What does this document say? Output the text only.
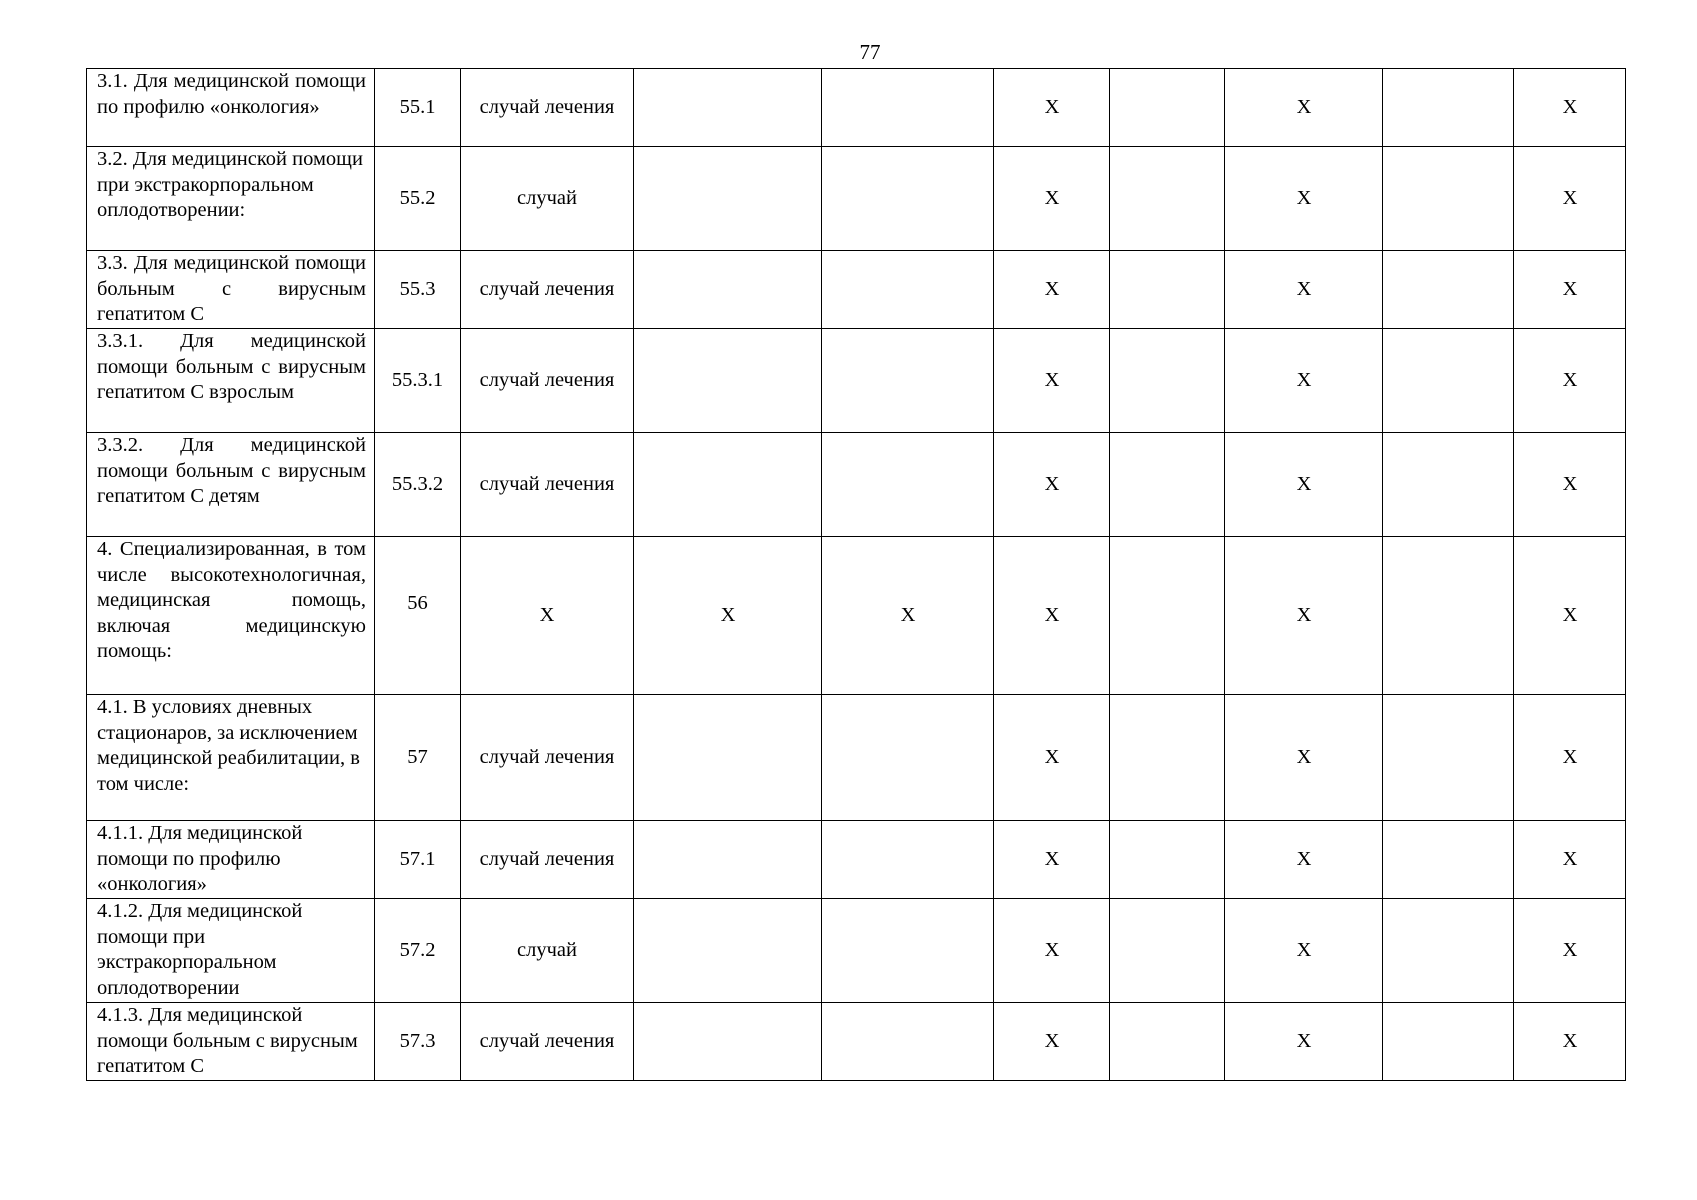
77
3.1. Для медицинской помощи по профилю «онкология»	55.1	случай лечения			Х		Х		Х
3.2. Для медицинской помощи при экстракорпоральном оплодотворении:	55.2	случай			Х		Х		Х
3.3. Для медицинской помощи больным с вирусным гепатитом С	55.3	случай лечения			Х		Х		Х
3.3.1. Для медицинской помощи больным с вирусным гепатитом С взрослым	55.3.1	случай лечения			Х		Х		Х
3.3.2. Для медицинской помощи больным с вирусным гепатитом С детям	55.3.2	случай лечения			Х		Х		Х
4. Специализированная, в том числе высокотехнологичная, медицинская помощь, включая медицинскую помощь:	56	Х	Х	Х	Х		Х		Х
4.1. В условиях дневных стационаров, за исключением медицинской реабилитации, в том числе:	57	случай лечения			Х		Х		Х
4.1.1. Для медицинской помощи по профилю «онкология»	57.1	случай лечения			Х		Х		Х
4.1.2. Для медицинской помощи при экстракорпоральном оплодотворении	57.2	случай			Х		Х		Х
4.1.3. Для медицинской помощи больным с вирусным гепатитом С	57.3	случай лечения			Х		Х		Х
